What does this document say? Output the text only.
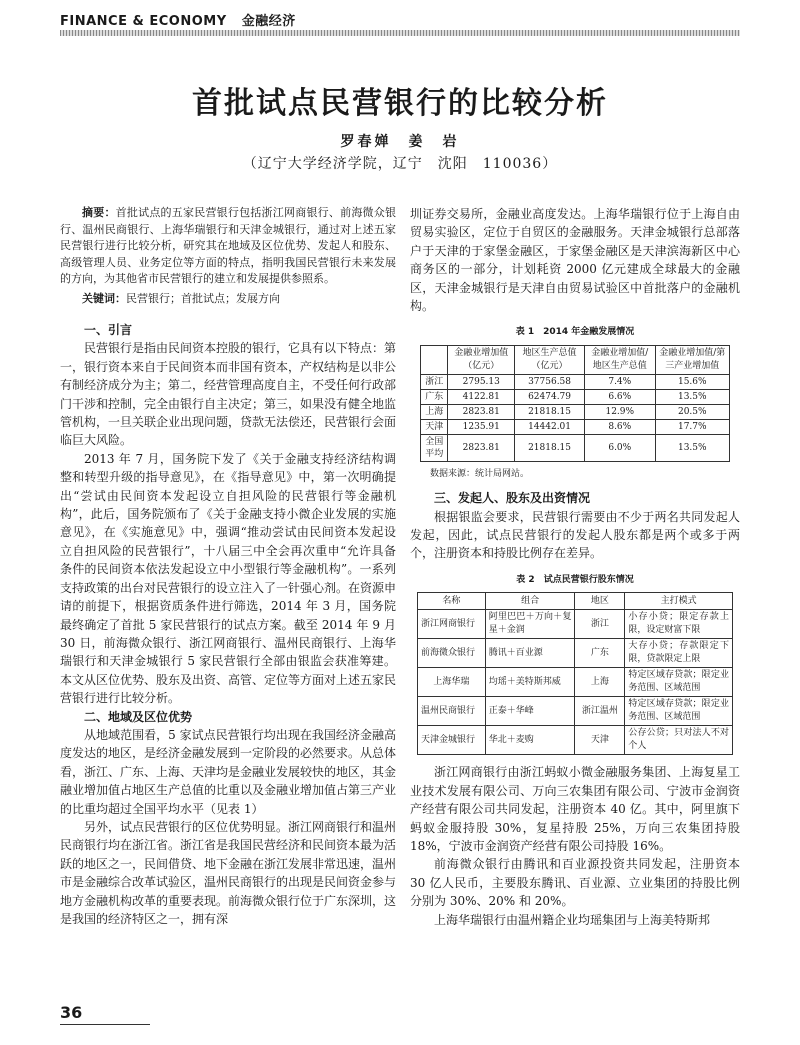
FINANCE & ECONOMY 金融经济
首批试点民营银行的比较分析
罗春婵　姜　岩
（辽宁大学经济学院，辽宁　沈阳　110036）

摘要：首批试点的五家民营银行包括浙江网商银行、前海微众银行、温州民商银行、上海华瑞银行和天津金城银行，通过对上述五家民营银行进行比较分析，研究其在地域及区位优势、发起人和股东、高级管理人员、业务定位等方面的特点，指明我国民营银行未来发展的方向，为其他省市民营银行的建立和发展提供参照系。

关键词：民营银行；首批试点；发展方向

一、引言

民营银行是指由民间资本控股的银行，它具有以下特点：第一，银行资本来自于民间资本而非国有资本，产权结构是以非公有制经济成分为主；第二，经营管理高度自主，不受任何行政部门干涉和控制，完全由银行自主决定；第三，如果没有健全地监管机构，一旦关联企业出现问题，贷款无法偿还，民营银行会面临巨大风险。

2013 年 7 月，国务院下发了《关于金融支持经济结构调整和转型升级的指导意见》，在《指导意见》中，第一次明确提出“尝试由民间资本发起设立自担风险的民营银行等金融机构”，此后，国务院颁布了《关于金融支持小微企业发展的实施意见》，在《实施意见》中，强调“推动尝试由民间资本发起设立自担风险的民营银行”，十八届三中全会再次重申“允许具备条件的民间资本依法发起设立中小型银行等金融机构”。一系列支持政策的出台对民营银行的设立注入了一针强心剂。在资源申请的前提下，根据资质条件进行筛选，2014 年 3 月，国务院最终确定了首批 5 家民营银行的试点方案。截至 2014 年 9 月 30 日，前海微众银行、浙江网商银行、温州民商银行、上海华瑞银行和天津金城银行 5 家民营银行全部由银监会获准筹建。本文从区位优势、股东及出资、高管、定位等方面对上述五家民营银行进行比较分析。

二、地域及区位优势

从地域范围看，5 家试点民营银行均出现在我国经济金融高度发达的地区，是经济金融发展到一定阶段的必然要求。从总体看，浙江、广东、上海、天津均是金融业发展较快的地区，其金融业增加值占地区生产总值的比重以及金融业增加值占第三产业的比重均超过全国平均水平（见表 1）

另外，试点民营银行的区位优势明显。浙江网商银行和温州民商银行均在浙江省。浙江省是我国民营经济和民间资本最为活跃的地区之一，民间借贷、地下金融在浙江发展非常迅速，温州市是金融综合改革试验区，温州民商银行的出现是民间资金参与地方金融机构改革的重要表现。前海微众银行位于广东深圳，这是我国的经济特区之一，拥有深

圳证券交易所，金融业高度发达。上海华瑞银行位于上海自由贸易实验区，定位于自贸区的金融服务。天津金城银行总部落户于天津的于家堡金融区，于家堡金融区是天津滨海新区中心商务区的一部分，计划耗资 2000 亿元建成全球最大的金融区，天津金城银行是天津自由贸易试验区中首批落户的金融机构。

表 1　2014 年金融发展情况
	金融业增加值（亿元）	地区生产总值（亿元）	金融业增加值/地区生产总值	金融业增加值/第三产业增加值
浙江	2795.13	37756.58	7.4%	15.6%
广东	4122.81	62474.79	6.6%	13.5%
上海	2823.81	21818.15	12.9%	20.5%
天津	1235.91	14442.01	8.6%	17.7%
全国平均	2823.81	21818.15	6.0%	13.5%
数据来源：统计局网站。

三、发起人、股东及出资情况

根据银监会要求，民营银行需要由不少于两名共同发起人发起，因此，试点民营银行的发起人股东都是两个或多于两个，注册资本和持股比例存在差异。

表 2　试点民营银行股东情况
名称	组合	地区	主打模式
浙江网商银行	阿里巴巴＋万向＋复星＋金润	浙江	小存小贷；限定存款上限，设定财富下限
前海微众银行	腾讯＋百业源	广东	大存小贷；存款限定下限，贷款限定上限
上海华瑞	均瑶＋美特斯邦威	上海	特定区域存贷款；限定业务范围、区域范围
温州民商银行	正泰＋华峰	浙江温州	特定区域存贷款；限定业务范围、区域范围
天津金城银行	华北＋麦购	天津	公存公贷；只对法人不对个人

浙江网商银行由浙江蚂蚁小微金融服务集团、上海复星工业技术发展有限公司、万向三农集团有限公司、宁波市金润资产经营有限公司共同发起，注册资本 40 亿。其中，阿里旗下蚂蚁金服持股 30%，复星持股 25%，万向三农集团持股 18%，宁波市金润资产经营有限公司持股 16%。

前海微众银行由腾讯和百业源投资共同发起，注册资本 30 亿人民币，主要股东腾讯、百业源、立业集团的持股比例分别为 30%、20% 和 20%。

上海华瑞银行由温州籍企业均瑶集团与上海美特斯邦

36
